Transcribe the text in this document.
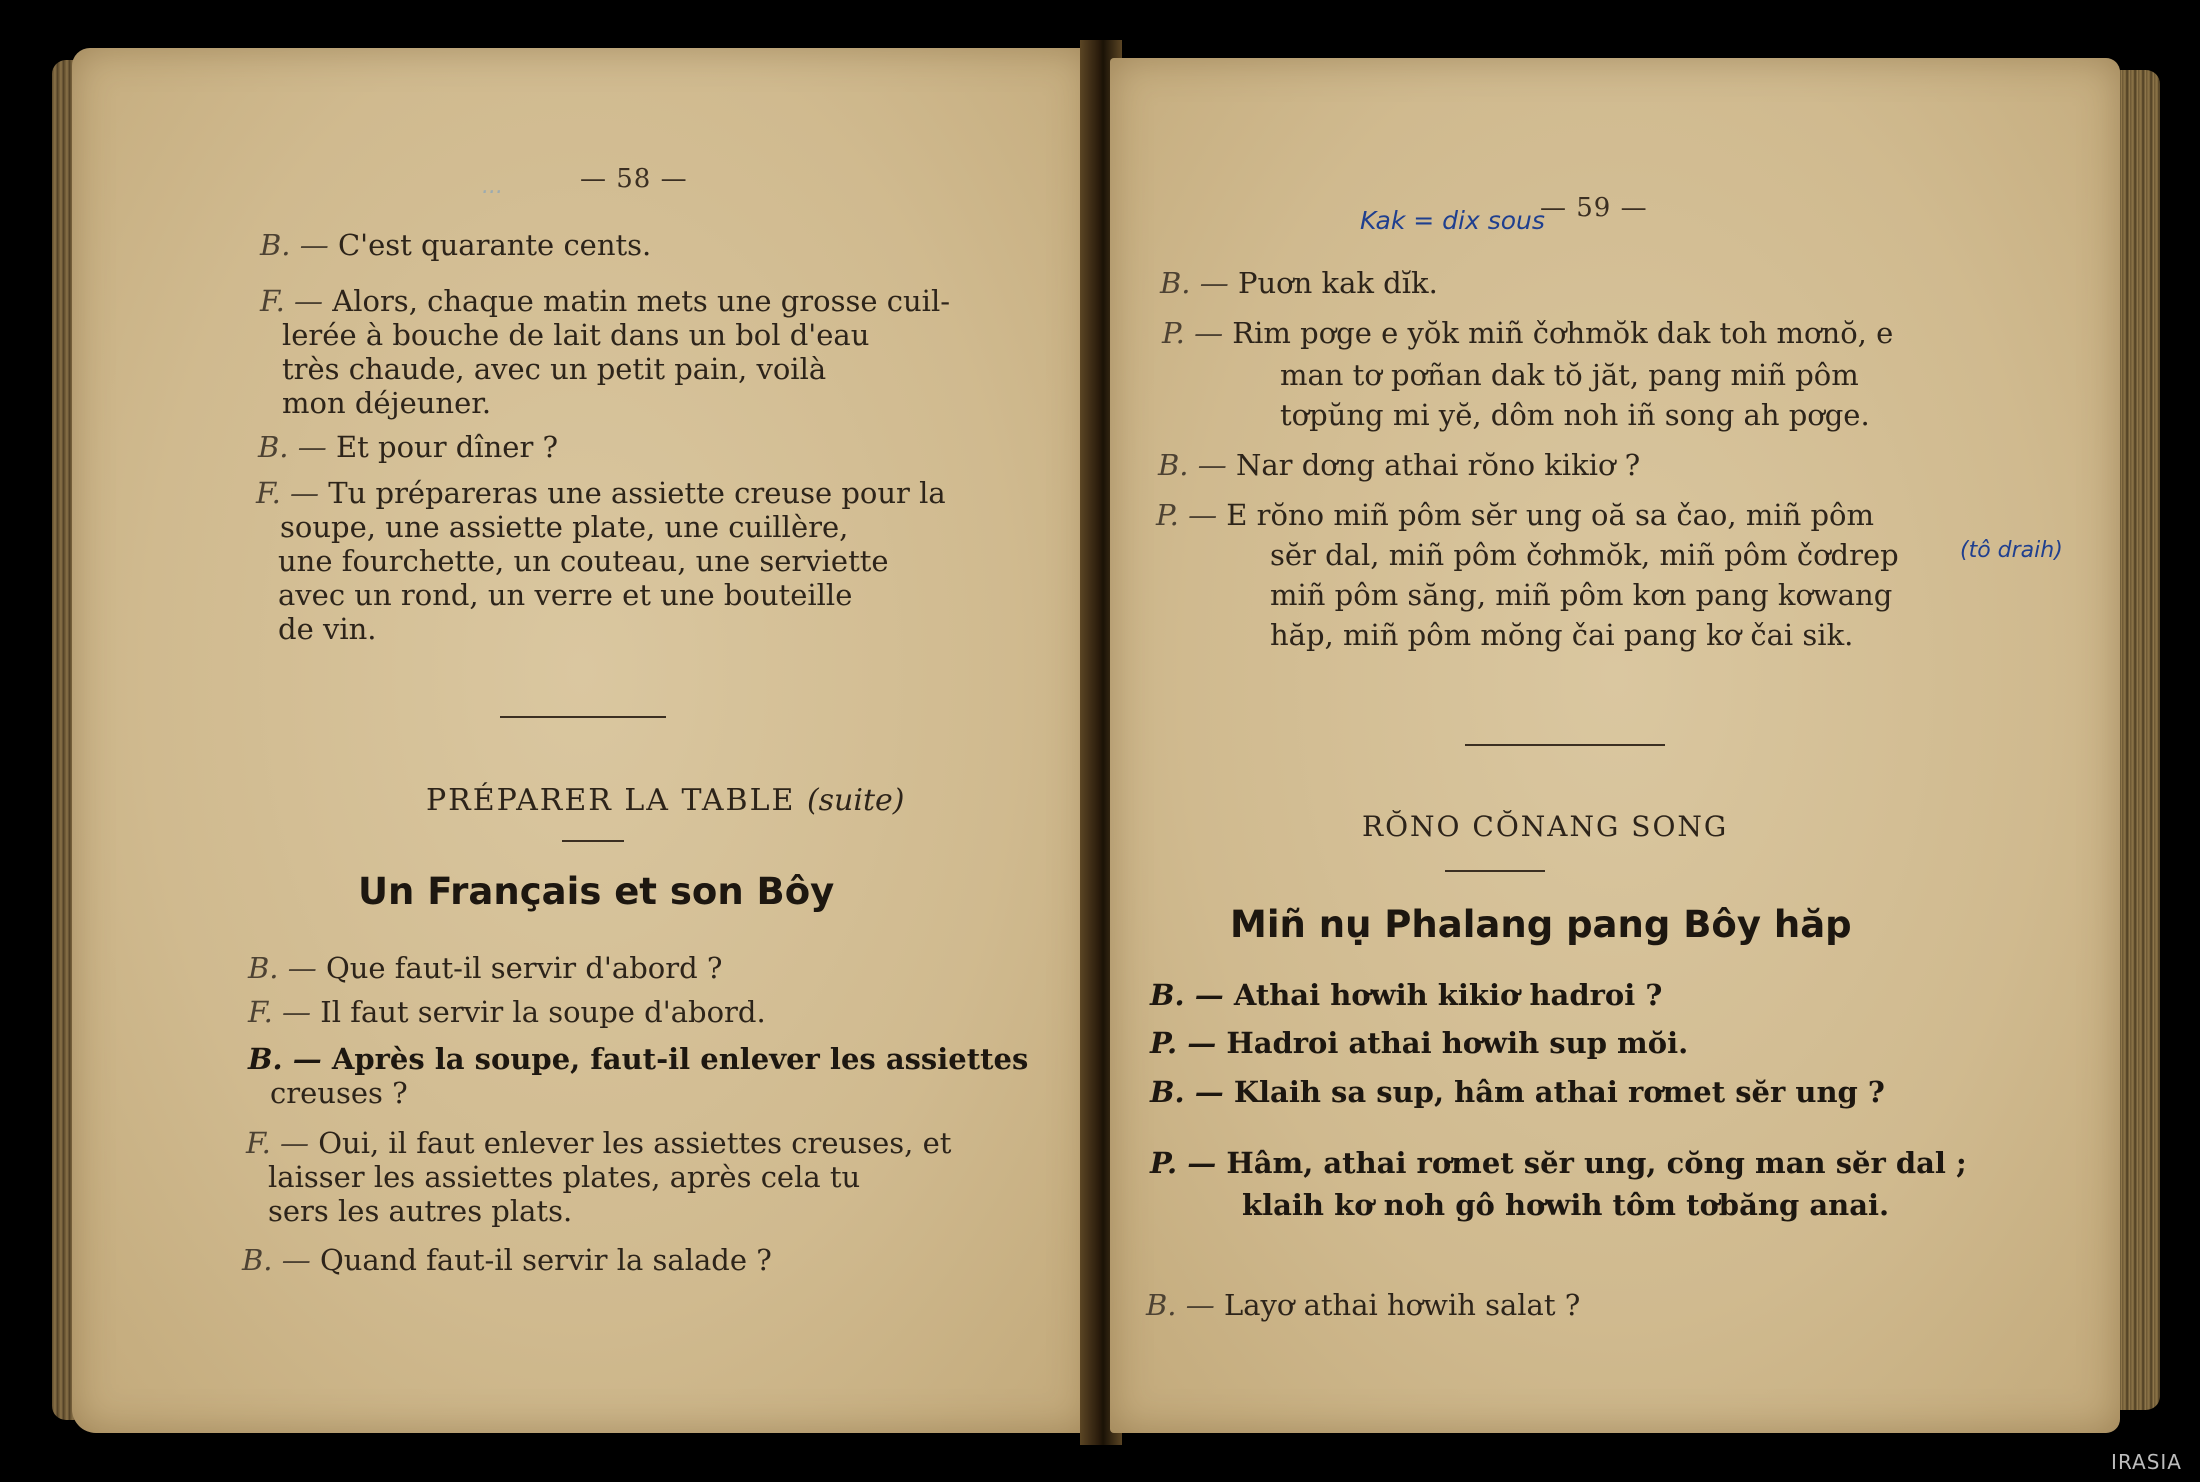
— 58 —
...

B. — C'est quarante cents.

F. — Alors, chaque matin mets une grosse cuil-

lerée à bouche de lait dans un bol d'eau

très chaude, avec un petit pain, voilà

mon déjeuner.

B. — Et pour dîner ?

F. — Tu prépareras une assiette creuse pour la

soupe, une assiette plate, une cuillère,

une fourchette, un couteau, une serviette

avec un rond, un verre et une bouteille

de vin.

PRÉPARER LA TABLE (suite)
Un Français et son Bôy

B. — Que faut-il servir d'abord ?

F. — Il faut servir la soupe d'abord.

B. — Après la soupe, faut-il enlever les assiettes

creuses ?

F. — Oui, il faut enlever les assiettes creuses, et

laisser les assiettes plates, après cela tu

sers les autres plats.

B. — Quand faut-il servir la salade ?

— 59 —
Kak = dix sous

B. — Puơn kak dĭk.

P. — Rim pơge e yŏk miñ čơhmŏk dak toh mơnŏ, e

man tơ pơñan dak tŏ jăt, pang miñ pôm

tơpŭng mi yĕ, dôm noh iñ song ah pơge.

B. — Nar dơng athai rŏno kikiơ ?

P. — E rŏno miñ pôm sĕr ung oă sa čao, miñ pôm

sĕr dal, miñ pôm čơhmŏk, miñ pôm čơdrep

miñ pôm săng, miñ pôm kơn pang kơwang

hăp, miñ pôm mŏng čai pang kơ čai sik.

(tô draih)
RŎNO CŎNANG SONG
Miñ nụ Phalang pang Bôy hăp

B. — Athai hơwih kikiơ hadroi ?

P. — Hadroi athai hơwih sup mŏi.

B. — Klaih sa sup, hâm athai rơmet sĕr ung ?

P. — Hâm, athai rơmet sĕr ung, cŏng man sĕr dal ;

klaih kơ noh gô hơwih tôm tơbăng anai.

B. — Layơ athai hơwih salat ?

IRASIA
